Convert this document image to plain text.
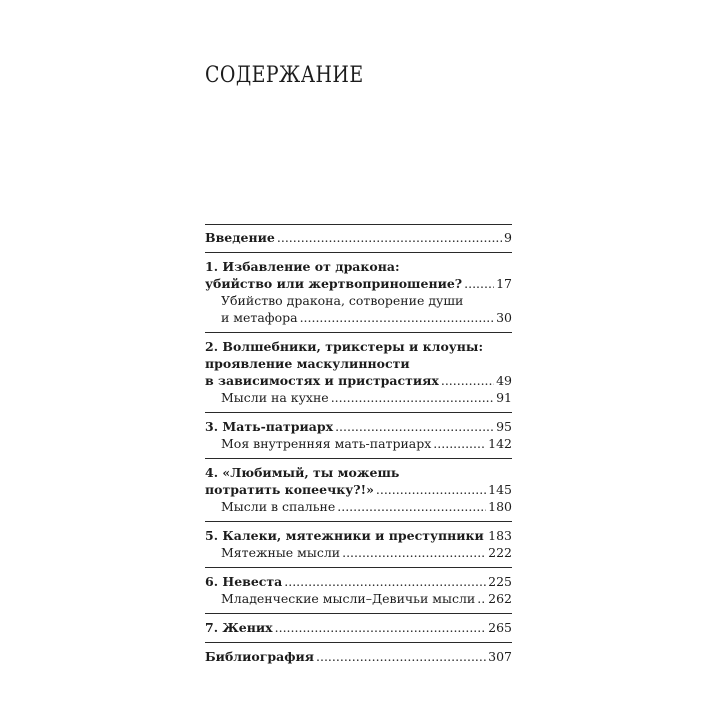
СОДЕРЖАНИЕ
Введение .....	9
1. Избавление от дракона:
убийство или жертвоприношение? .....	17
Убийство дракона, сотворение души
и метафора .....	30
2. Волшебники, трикстеры и клоуны:
проявление маскулинности
в зависимостях и пристрастиях .....	49
Мысли на кухне .....	91
3. Мать-патриарх .....	95
Моя внутренняя мать-патриарх .....	142
4. «Любимый, ты можешь
потратить копеечку?!» .....	145
Мысли в спальне .....	180
5. Калеки, мятежники и преступники ..... 183
Мятежные мысли .....	222
6. Невеста .....	225
Младенческие мысли–Девичьи мысли ..... 262
7. Жених .....	265
Библиография .....	307
